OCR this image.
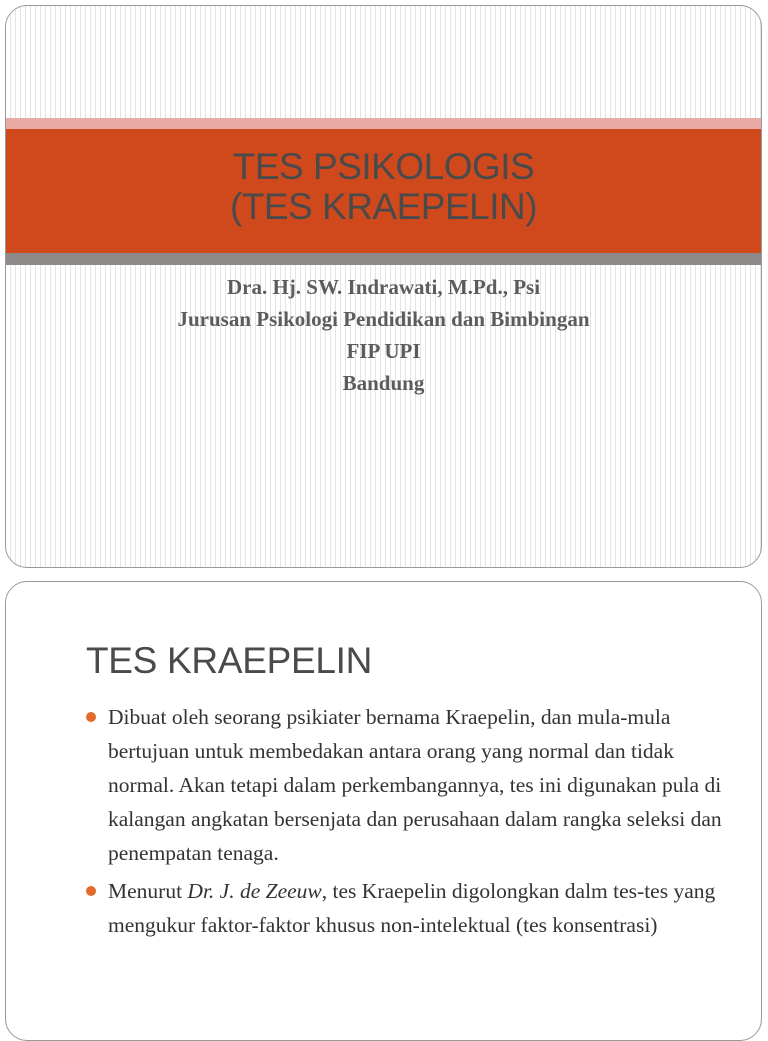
TES PSIKOLOGIS
(TES KRAEPELIN)
Dra. Hj. SW. Indrawati, M.Pd., Psi
Jurusan Psikologi Pendidikan dan Bimbingan
FIP UPI
Bandung
TES KRAEPELIN
Dibuat oleh seorang psikiater bernama Kraepelin, dan mula-mula bertujuan untuk membedakan antara orang yang normal dan tidak normal. Akan tetapi dalam perkembangannya, tes ini digunakan pula di kalangan angkatan bersenjata dan perusahaan dalam rangka seleksi dan penempatan tenaga.
Menurut Dr. J. de Zeeuw, tes Kraepelin digolongkan dalm tes-tes yang mengukur faktor-faktor khusus non-intelektual (tes konsentrasi)
